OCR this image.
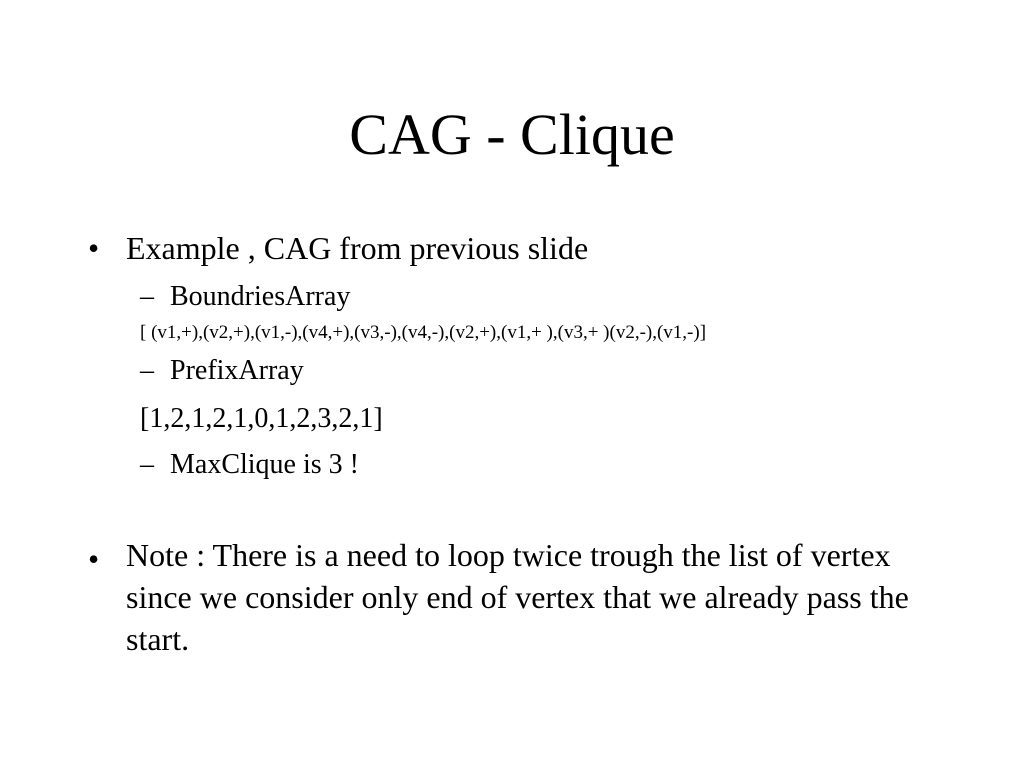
CAG - Clique
• Example , CAG from previous slide
– BoundriesArray
[ (v1,+),(v2,+),(v1,-),(v4,+),(v3,-),(v4,-),(v2,+),(v1,+ ),(v3,+ )(v2,-),(v1,-)]
– PrefixArray
[1,2,1,2,1,0,1,2,3,2,1]
– MaxClique is 3 !
• Note : There is a need to loop twice trough the list of vertex since we consider only end of vertex that we already pass the start.
